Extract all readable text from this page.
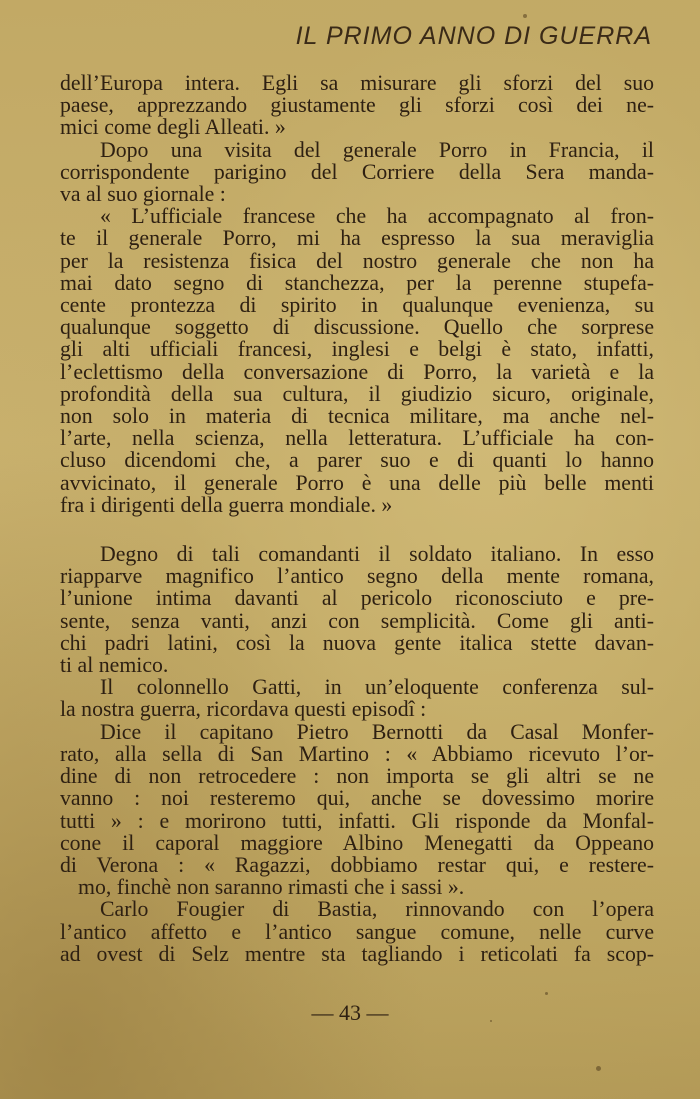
IL PRIMO ANNO DI GUERRA
dell’Europa intera. Egli sa misurare gli sforzi del suo
paese, apprezzando giustamente gli sforzi così dei ne-
mici come degli Alleati. »
Dopo una visita del generale Porro in Francia, il
corrispondente parigino del Corriere della Sera manda-
va al suo giornale :
« L’ufficiale francese che ha accompagnato al fron-
te il generale Porro, mi ha espresso la sua meraviglia
per la resistenza fisica del nostro generale che non ha
mai dato segno di stanchezza, per la perenne stupefa-
cente prontezza di spirito in qualunque evenienza, su
qualunque soggetto di discussione. Quello che sorprese
gli alti ufficiali francesi, inglesi e belgi è stato, infatti,
l’eclettismo della conversazione di Porro, la varietà e la
profondità della sua cultura, il giudizio sicuro, originale,
non solo in materia di tecnica militare, ma anche nel-
l’arte, nella scienza, nella letteratura. L’ufficiale ha con-
cluso dicendomi che, a parer suo e di quanti lo hanno
avvicinato, il generale Porro è una delle più belle menti
fra i dirigenti della guerra mondiale. »
Degno di tali comandanti il soldato italiano. In esso
riapparve magnifico l’antico segno della mente romana,
l’unione intima davanti al pericolo riconosciuto e pre-
sente, senza vanti, anzi con semplicità. Come gli anti-
chi padri latini, così la nuova gente italica stette davan-
ti al nemico.
Il colonnello Gatti, in un’eloquente conferenza sul-
la nostra guerra, ricordava questi episodî :
Dice il capitano Pietro Bernotti da Casal Monfer-
rato, alla sella di San Martino : « Abbiamo ricevuto l’or-
dine di non retrocedere : non importa se gli altri se ne
vanno : noi resteremo qui, anche se dovessimo morire
tutti » : e morirono tutti, infatti. Gli risponde da Monfal-
cone il caporal maggiore Albino Menegatti da Oppeano
di Verona : « Ragazzi, dobbiamo restar qui, e restere-
mo, finchè non saranno rimasti che i sassi ».
Carlo Fougier di Bastia, rinnovando con l’opera
l’antico affetto e l’antico sangue comune, nelle curve
ad ovest di Selz mentre sta tagliando i reticolati fa scop-
— 43 —
